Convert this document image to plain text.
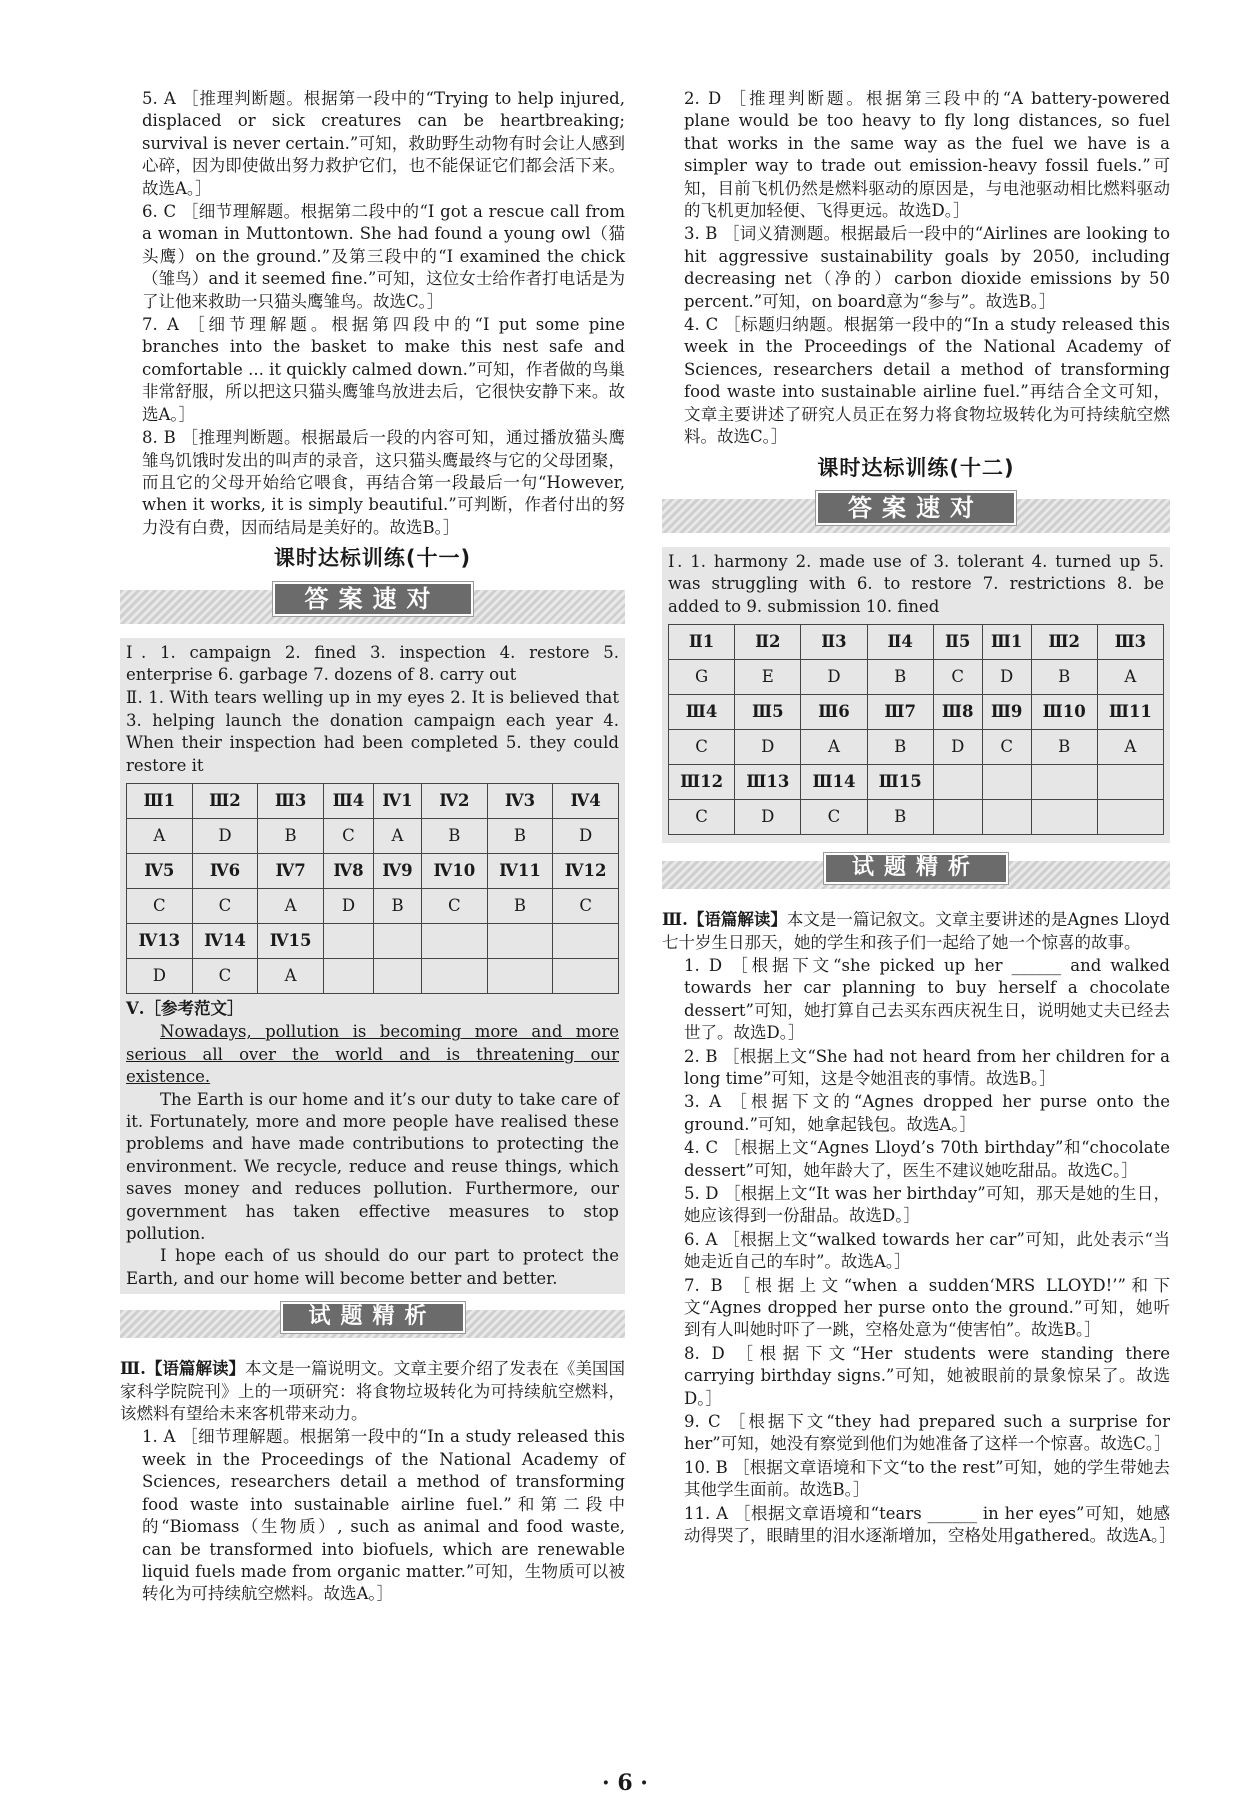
5. A ［推理判断题。根据第一段中的“Trying to help injured, displaced or sick creatures can be heartbreaking; survival is never certain.”可知，救助野生动物有时会让人感到心碎，因为即使做出努力救护它们，也不能保证它们都会活下来。故选A。］

6. C ［细节理解题。根据第二段中的“I got a rescue call from a woman in Muttontown. She had found a young owl（猫头鹰）on the ground.”及第三段中的“I examined the chick（雏鸟）and it seemed fine.”可知，这位女士给作者打电话是为了让他来救助一只猫头鹰雏鸟。故选C。］

7. A ［细节理解题。根据第四段中的“I put some pine branches into the basket to make this nest safe and comfortable ... it quickly calmed down.”可知，作者做的鸟巢非常舒服，所以把这只猫头鹰雏鸟放进去后，它很快安静下来。故选A。］

8. B ［推理判断题。根据最后一段的内容可知，通过播放猫头鹰雏鸟饥饿时发出的叫声的录音，这只猫头鹰最终与它的父母团聚，而且它的父母开始给它喂食，再结合第一段最后一句“However, when it works, it is simply beautiful.”可判断，作者付出的努力没有白费，因而结局是美好的。故选B。］

课时达标训练(十一)
答案速对

Ⅰ. 1. campaign 2. fined 3. inspection 4. restore 5. enterprise 6. garbage 7. dozens of 8. carry out

Ⅱ. 1. With tears welling up in my eyes 2. It is believed that 3. helping launch the donation campaign each year 4. When their inspection had been completed 5. they could restore it

Ⅲ1	Ⅲ2	Ⅲ3	Ⅲ4	Ⅳ1	Ⅳ2	Ⅳ3	Ⅳ4
A	D	B	C	A	B	B	D
Ⅳ5	Ⅳ6	Ⅳ7	Ⅳ8	Ⅳ9	Ⅳ10	Ⅳ11	Ⅳ12
C	C	A	D	B	C	B	C
Ⅳ13	Ⅳ14	Ⅳ15					
D	C	A					

Ⅴ.［参考范文］

Nowadays, pollution is becoming more and more serious all over the world and is threatening our existence.

The Earth is our home and it’s our duty to take care of it. Fortunately, more and more people have realised these problems and have made contributions to protecting the environment. We recycle, reduce and reuse things, which saves money and reduces pollution. Furthermore, our government has taken effective measures to stop pollution.

I hope each of us should do our part to protect the Earth, and our home will become better and better.

试题精析

Ⅲ.【语篇解读】本文是一篇说明文。文章主要介绍了发表在《美国国家科学院院刊》上的一项研究：将食物垃圾转化为可持续航空燃料，该燃料有望给未来客机带来动力。

1. A ［细节理解题。根据第一段中的“In a study released this week in the Proceedings of the National Academy of Sciences, researchers detail a method of transforming food waste into sustainable airline fuel.”和第二段中的“Biomass（生物质）, such as animal and food waste, can be transformed into biofuels, which are renewable liquid fuels made from organic matter.”可知，生物质可以被转化为可持续航空燃料。故选A。］

2. D ［推理判断题。根据第三段中的“A battery-powered plane would be too heavy to fly long distances, so fuel that works in the same way as the fuel we have is a simpler way to trade out emission-heavy fossil fuels.”可知，目前飞机仍然是燃料驱动的原因是，与电池驱动相比燃料驱动的飞机更加轻便、飞得更远。故选D。］

3. B ［词义猜测题。根据最后一段中的“Airlines are looking to hit aggressive sustainability goals by 2050, including decreasing net（净的）carbon dioxide emissions by 50 percent.”可知，on board意为“参与”。故选B。］

4. C ［标题归纳题。根据第一段中的“In a study released this week in the Proceedings of the National Academy of Sciences, researchers detail a method of transforming food waste into sustainable airline fuel.”再结合全文可知，文章主要讲述了研究人员正在努力将食物垃圾转化为可持续航空燃料。故选C。］

课时达标训练(十二)
答案速对

Ⅰ. 1. harmony 2. made use of 3. tolerant 4. turned up 5. was struggling with 6. to restore 7. restrictions 8. be added to 9. submission 10. fined

Ⅱ1	Ⅱ2	Ⅱ3	Ⅱ4	Ⅱ5	Ⅲ1	Ⅲ2	Ⅲ3
G	E	D	B	C	D	B	A
Ⅲ4	Ⅲ5	Ⅲ6	Ⅲ7	Ⅲ8	Ⅲ9	Ⅲ10	Ⅲ11
C	D	A	B	D	C	B	A
Ⅲ12	Ⅲ13	Ⅲ14	Ⅲ15				
C	D	C	B				
试题精析

Ⅲ.【语篇解读】本文是一篇记叙文。文章主要讲述的是Agnes Lloyd七十岁生日那天，她的学生和孩子们一起给了她一个惊喜的故事。

1. D ［根据下文“she picked up her ______ and walked towards her car planning to buy herself a chocolate dessert”可知，她打算自己去买东西庆祝生日，说明她丈夫已经去世了。故选D。］

2. B ［根据上文“She had not heard from her children for a long time”可知，这是令她沮丧的事情。故选B。］

3. A ［根据下文的“Agnes dropped her purse onto the ground.”可知，她拿起钱包。故选A。］

4. C ［根据上文“Agnes Lloyd’s 70th birthday”和“chocolate dessert”可知，她年龄大了，医生不建议她吃甜品。故选C。］

5. D ［根据上文“It was her birthday”可知，那天是她的生日，她应该得到一份甜品。故选D。］

6. A ［根据上文“walked towards her car”可知，此处表示“当她走近自己的车时”。故选A。］

7. B ［根据上文“when a sudden‘MRS LLOYD!’”和下文“Agnes dropped her purse onto the ground.”可知，她听到有人叫她时吓了一跳，空格处意为“使害怕”。故选B。］

8. D ［根据下文“Her students were standing there carrying birthday signs.”可知，她被眼前的景象惊呆了。故选D。］

9. C ［根据下文“they had prepared such a surprise for her”可知，她没有察觉到他们为她准备了这样一个惊喜。故选C。］

10. B ［根据文章语境和下文“to the rest”可知，她的学生带她去其他学生面前。故选B。］

11. A ［根据文章语境和“tears ______ in her eyes”可知，她感动得哭了，眼睛里的泪水逐渐增加，空格处用gathered。故选A。］

· 6 ·
